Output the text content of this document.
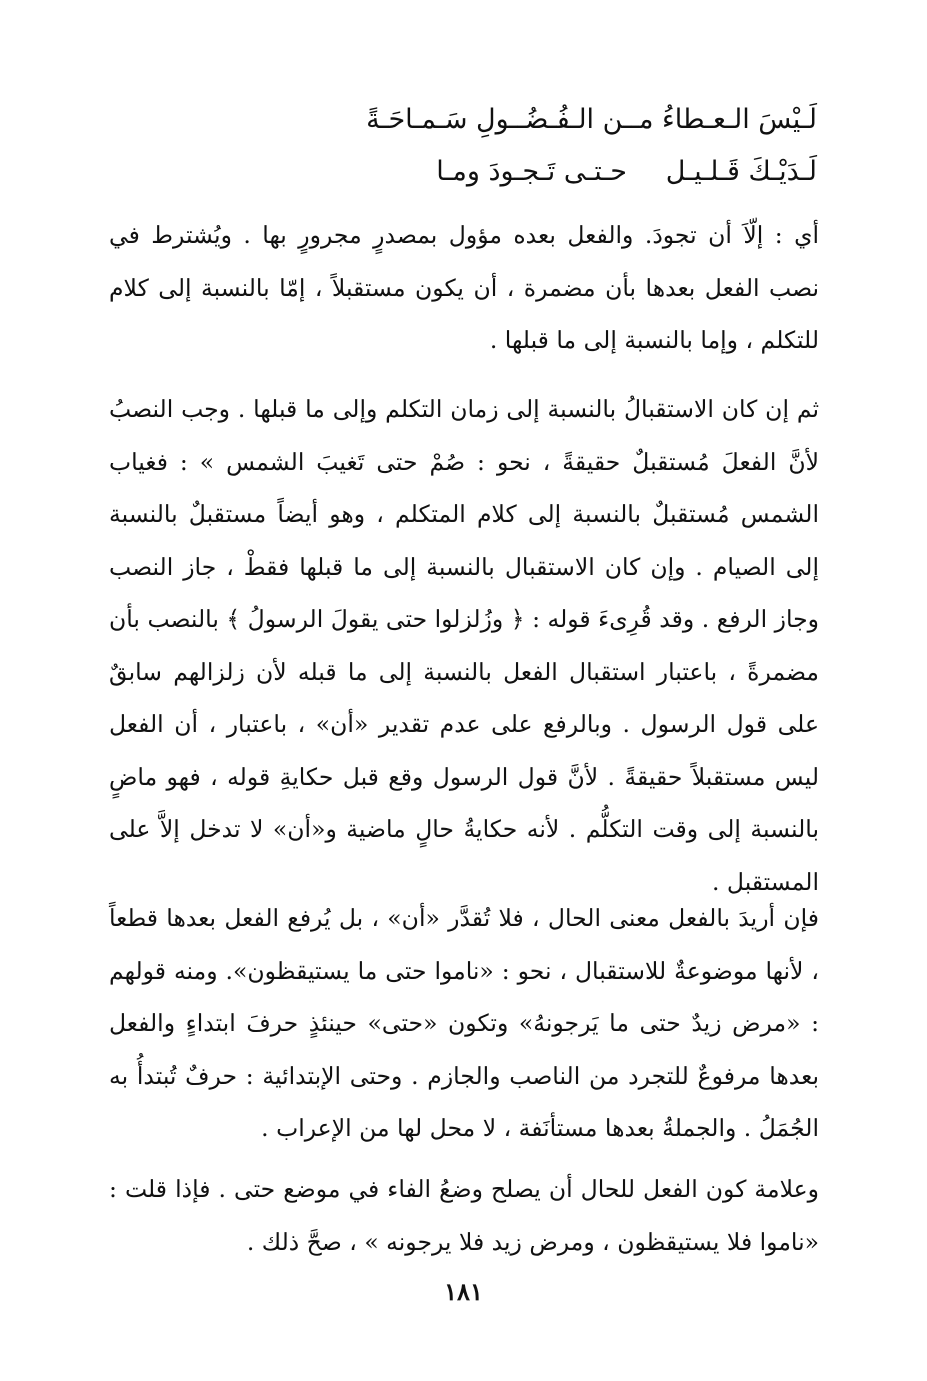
لَـيْسَ الـعـطاءُ مــن الـفُـضُــولِ سَـمـاحَـةً
حـتـى تَـجـودَ ومـا لَـدَيْـكَ قَـلـيـل
أي : إلّاَ أن تجودَ. والفعل بعده مؤول بمصدرٍ مجرورٍ بها . ويُشترط في نصب الفعل بعدها بأن مضمرة ، أن يكون مستقبلاً ، إمّا بالنسبة إلى كلام للتكلم ، وإما بالنسبة إلى ما قبلها .
ثم إن كان الاستقبالُ بالنسبة إلى زمان التكلم وإلى ما قبلها . وجب النصبُ لأنَّ الفعلَ مُستقبلٌ حقيقةً ، نحو : صُمْ حتى تَغيبَ الشمس » : فغياب الشمس مُستقبلٌ بالنسبة إلى كلام المتكلم ، وهو أيضاً مستقبلٌ بالنسبة إلى الصيام . وإن كان الاستقبال بالنسبة إلى ما قبلها فقطْ ، جاز النصب وجاز الرفع . وقد قُرِىءَ قوله : ﴿ وزُلزلوا حتى يقولَ الرسولُ ﴾ بالنصب بأن مضمرةً ، باعتبار استقبال الفعل بالنسبة إلى ما قبله لأن زلزالهم سابقٌ على قول الرسول . وبالرفع على عدم تقدير «أن» ، باعتبار ، أن الفعل ليس مستقبلاً حقيقةً . لأنَّ قول الرسول وقع قبل حكايةِ قوله ، فهو ماضٍ بالنسبة إلى وقت التكلُّم . لأنه حكايةُ حالٍ ماضية و«أن» لا تدخل إلاَّ على المستقبل .
فإن أريدَ بالفعل معنى الحال ، فلا تُقدَّر «أن» ، بل يُرفع الفعل بعدها قطعاً ، لأنها موضوعةٌ للاستقبال ، نحو : «ناموا حتى ما يستيقظون». ومنه قولهم : «مرض زيدٌ حتى ما يَرجونهُ» وتكون «حتى» حينئذٍ حرفَ ابتداءٍ والفعل بعدها مرفوعٌ للتجرد من الناصب والجازم . وحتى الإبتدائية : حرفٌ تُبتدأُ به الجُمَلُ . والجملةُ بعدها مستأنَفة ، لا محل لها من الإعراب .
وعلامة كون الفعل للحال أن يصلح وضعُ الفاء في موضع حتى . فإذا قلت : «ناموا فلا يستيقظون ، ومرض زيد فلا يرجونه » ، صحَّ ذلك .
١٨١
